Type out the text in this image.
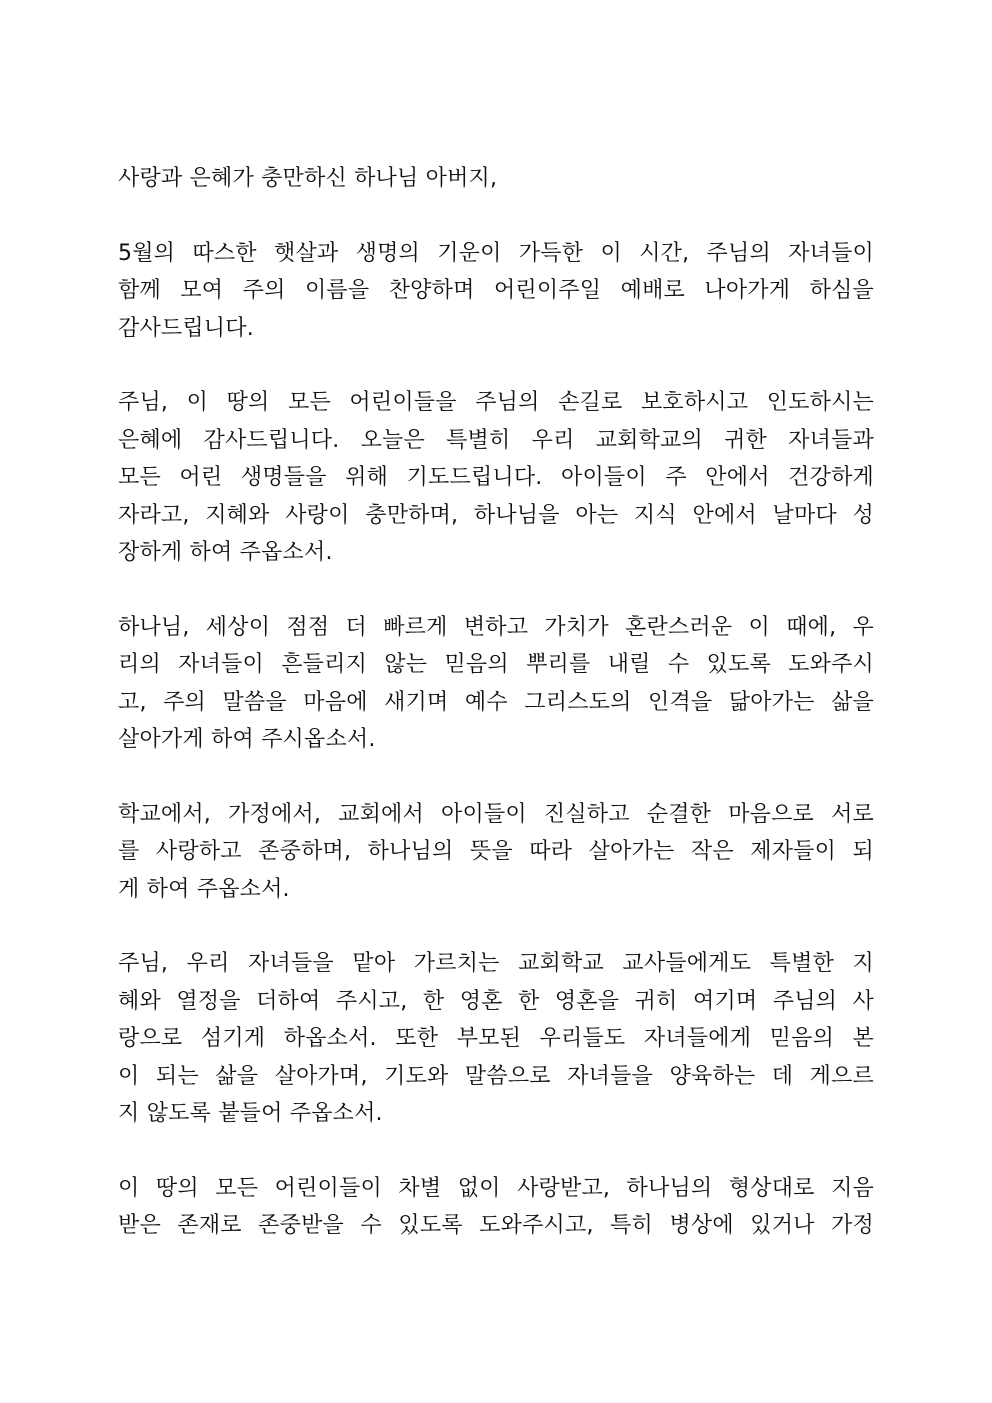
사랑과 은혜가 충만하신 하나님 아버지,

5월의 따스한 햇살과 생명의 기운이 가득한 이 시간, 주님의 자녀들이
함께 모여 주의 이름을 찬양하며 어린이주일 예배로 나아가게 하심을
감사드립니다.

주님, 이 땅의 모든 어린이들을 주님의 손길로 보호하시고 인도하시는
은혜에 감사드립니다. 오늘은 특별히 우리 교회학교의 귀한 자녀들과
모든 어린 생명들을 위해 기도드립니다. 아이들이 주 안에서 건강하게
자라고, 지혜와 사랑이 충만하며, 하나님을 아는 지식 안에서 날마다 성
장하게 하여 주옵소서.

하나님, 세상이 점점 더 빠르게 변하고 가치가 혼란스러운 이 때에, 우
리의 자녀들이 흔들리지 않는 믿음의 뿌리를 내릴 수 있도록 도와주시
고, 주의 말씀을 마음에 새기며 예수 그리스도의 인격을 닮아가는 삶을
살아가게 하여 주시옵소서.

학교에서, 가정에서, 교회에서 아이들이 진실하고 순결한 마음으로 서로
를 사랑하고 존중하며, 하나님의 뜻을 따라 살아가는 작은 제자들이 되
게 하여 주옵소서.

주님, 우리 자녀들을 맡아 가르치는 교회학교 교사들에게도 특별한 지
혜와 열정을 더하여 주시고, 한 영혼 한 영혼을 귀히 여기며 주님의 사
랑으로 섬기게 하옵소서. 또한 부모된 우리들도 자녀들에게 믿음의 본
이 되는 삶을 살아가며, 기도와 말씀으로 자녀들을 양육하는 데 게으르
지 않도록 붙들어 주옵소서.

이 땅의 모든 어린이들이 차별 없이 사랑받고, 하나님의 형상대로 지음
받은 존재로 존중받을 수 있도록 도와주시고, 특히 병상에 있거나 가정
